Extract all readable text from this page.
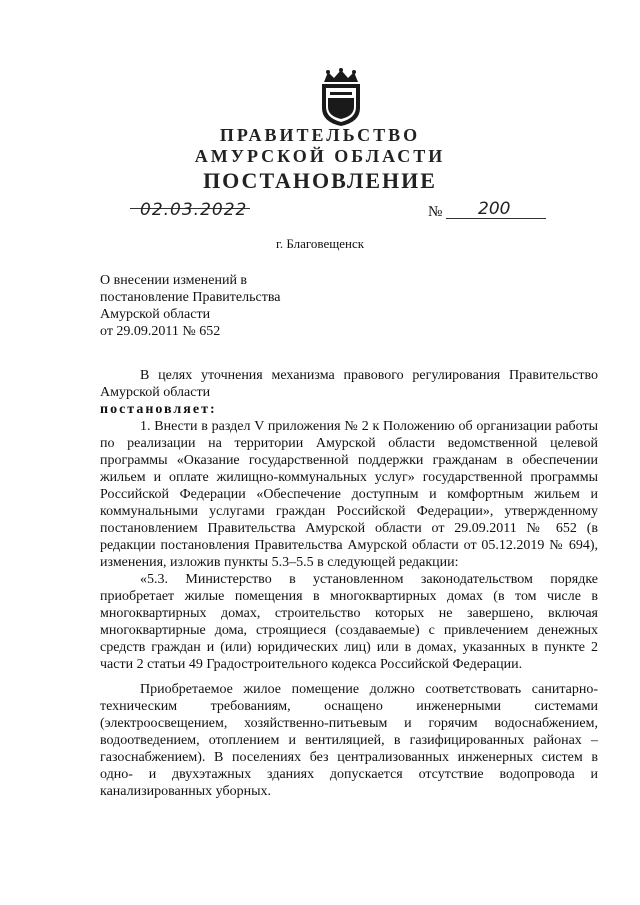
ПРАВИТЕЛЬСТВО
АМУРСКОЙ ОБЛАСТИ
ПОСТАНОВЛЕНИЕ
02.03.2022	№ 200
г. Благовещенск
О внесении изменений в
постановление Правительства
Амурской области
от 29.09.2011 № 652

В целях уточнения механизма правового регулирования Правительство Амурской области

постановляет:

1. Внести в раздел V приложения № 2 к Положению об организации работы по реализации на территории Амурской области ведомственной целевой программы «Оказание государственной поддержки гражданам в обеспечении жильем и оплате жилищно-коммунальных услуг» государственной программы Российской Федерации «Обеспечение доступным и комфортным жильем и коммунальными услугами граждан Российской Федерации», утвержденному постановлением Правительства Амурской области от 29.09.2011 № 652 (в редакции постановления Правительства Амурской области от 05.12.2019 № 694), изменения, изложив пункты 5.3–5.5 в следующей редакции:

«5.3. Министерство в установленном законодательством порядке приобретает жилые помещения в многоквартирных домах (в том числе в многоквартирных домах, строительство которых не завершено, включая многоквартирные дома, строящиеся (создаваемые) с привлечением денежных средств граждан и (или) юридических лиц) или в домах, указанных в пункте 2 части 2 статьи 49 Градостроительного кодекса Российской Федерации.

Приобретаемое жилое помещение должно соответствовать санитарно-техническим требованиям, оснащено инженерными системами (электроосвещением, хозяйственно-питьевым и горячим водоснабжением, водоотведением, отоплением и вентиляцией, в газифицированных районах – газоснабжением). В поселениях без централизованных инженерных систем в одно- и двухэтажных зданиях допускается отсутствие водопровода и канализированных уборных.
